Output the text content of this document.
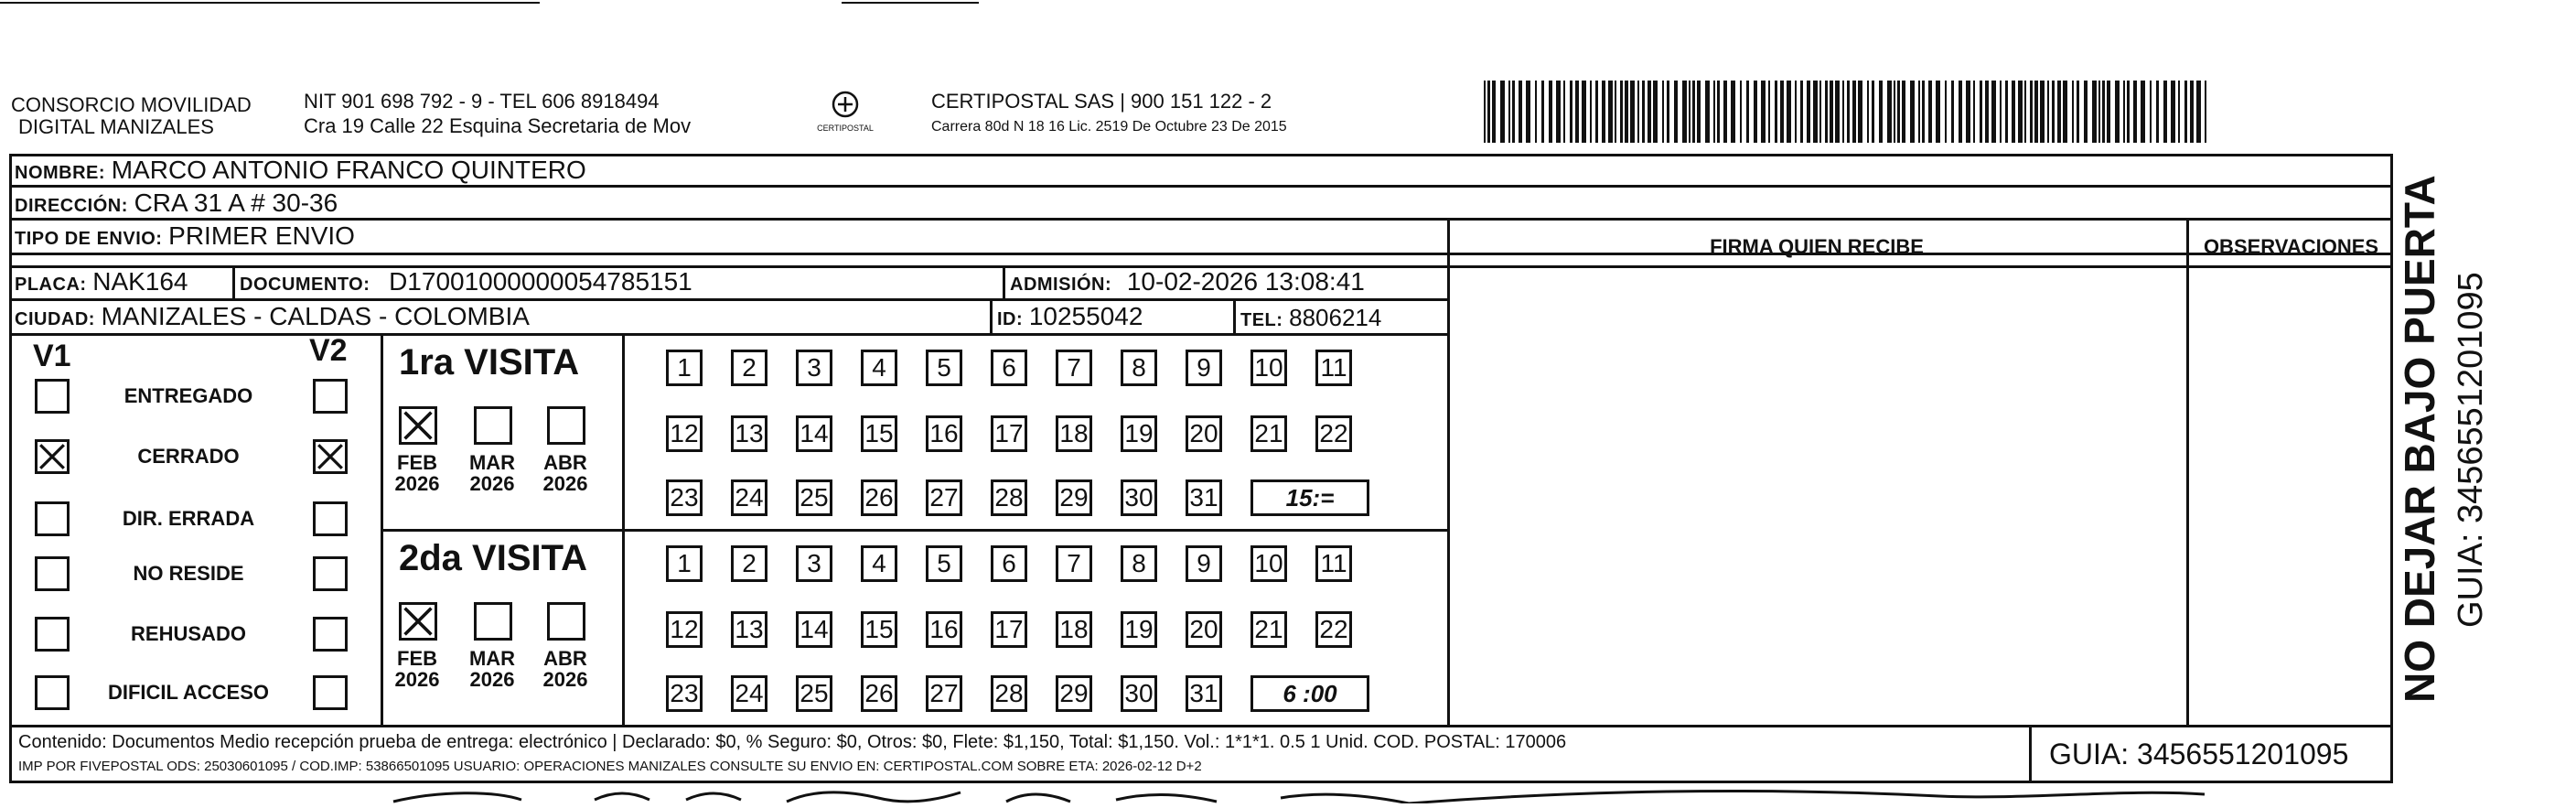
CONSORCIO MOVILIDAD
DIGITAL MANIZALES
NIT 901 698 792 - 9 - TEL 606 8918494
Cra 19 Calle 22 Esquina Secretaria de Mov	CERTIPOSTAL
CERTIPOSTAL SAS | 900 151 122 - 2
Carrera 80d N 18 16 Lic. 2519 De Octubre 23 De 2015
NOMBRE: MARCO ANTONIO FRANCO QUINTERO
DIRECCIÓN: CRA 31 A # 30-36
TIPO DE ENVIO: PRIMER ENVIO	FIRMA QUIEN RECIBE	OBSERVACIONES
PLACA: NAK164	DOCUMENTO: D17001000000054785151	ADMISIÓN: 10-02-2026 13:08:41
CIUDAD: MANIZALES - CALDAS - COLOMBIA	ID: 10255042	TEL: 8806214
V1	V2
ENTREGADO
CERRADO
DIR. ERRADA
NO RESIDE
REHUSADO
DIFICIL ACCESO
1ra VISITA
FEB
2026
MAR
2026
ABR
2026
1	2	3	4	5	6	7	8	9	10 11
12 13 14 15 16 17 18 19 20 21 22
23 24 25 26 27 28 29 30 31	15:=
2da VISITA
FEB
2026
MAR
2026
ABR
2026
1	2	3	4	5	6	7	8	9	10 11
12 13 14 15 16 17 18 19 20 21 22
23 24 25 26 27 28 29 30 31	6 :00
Contenido: Documentos Medio recepción prueba de entrega: electrónico | Declarado: $0, % Seguro: $0, Otros: $0, Flete: $1,150, Total: $1,150. Vol.: 1*1*1. 0.5 1 Unid. COD. POSTAL: 170006
IMP POR FIVEPOSTAL ODS: 25030601095 / COD.IMP: 53866501095 USUARIO: OPERACIONES MANIZALES CONSULTE SU ENVIO EN: CERTIPOSTAL.COM SOBRE ETA: 2026-02-12 D+2	GUIA: 3456551201095
NO DEJAR BAJO PUERTA GUIA: 3456551201095
